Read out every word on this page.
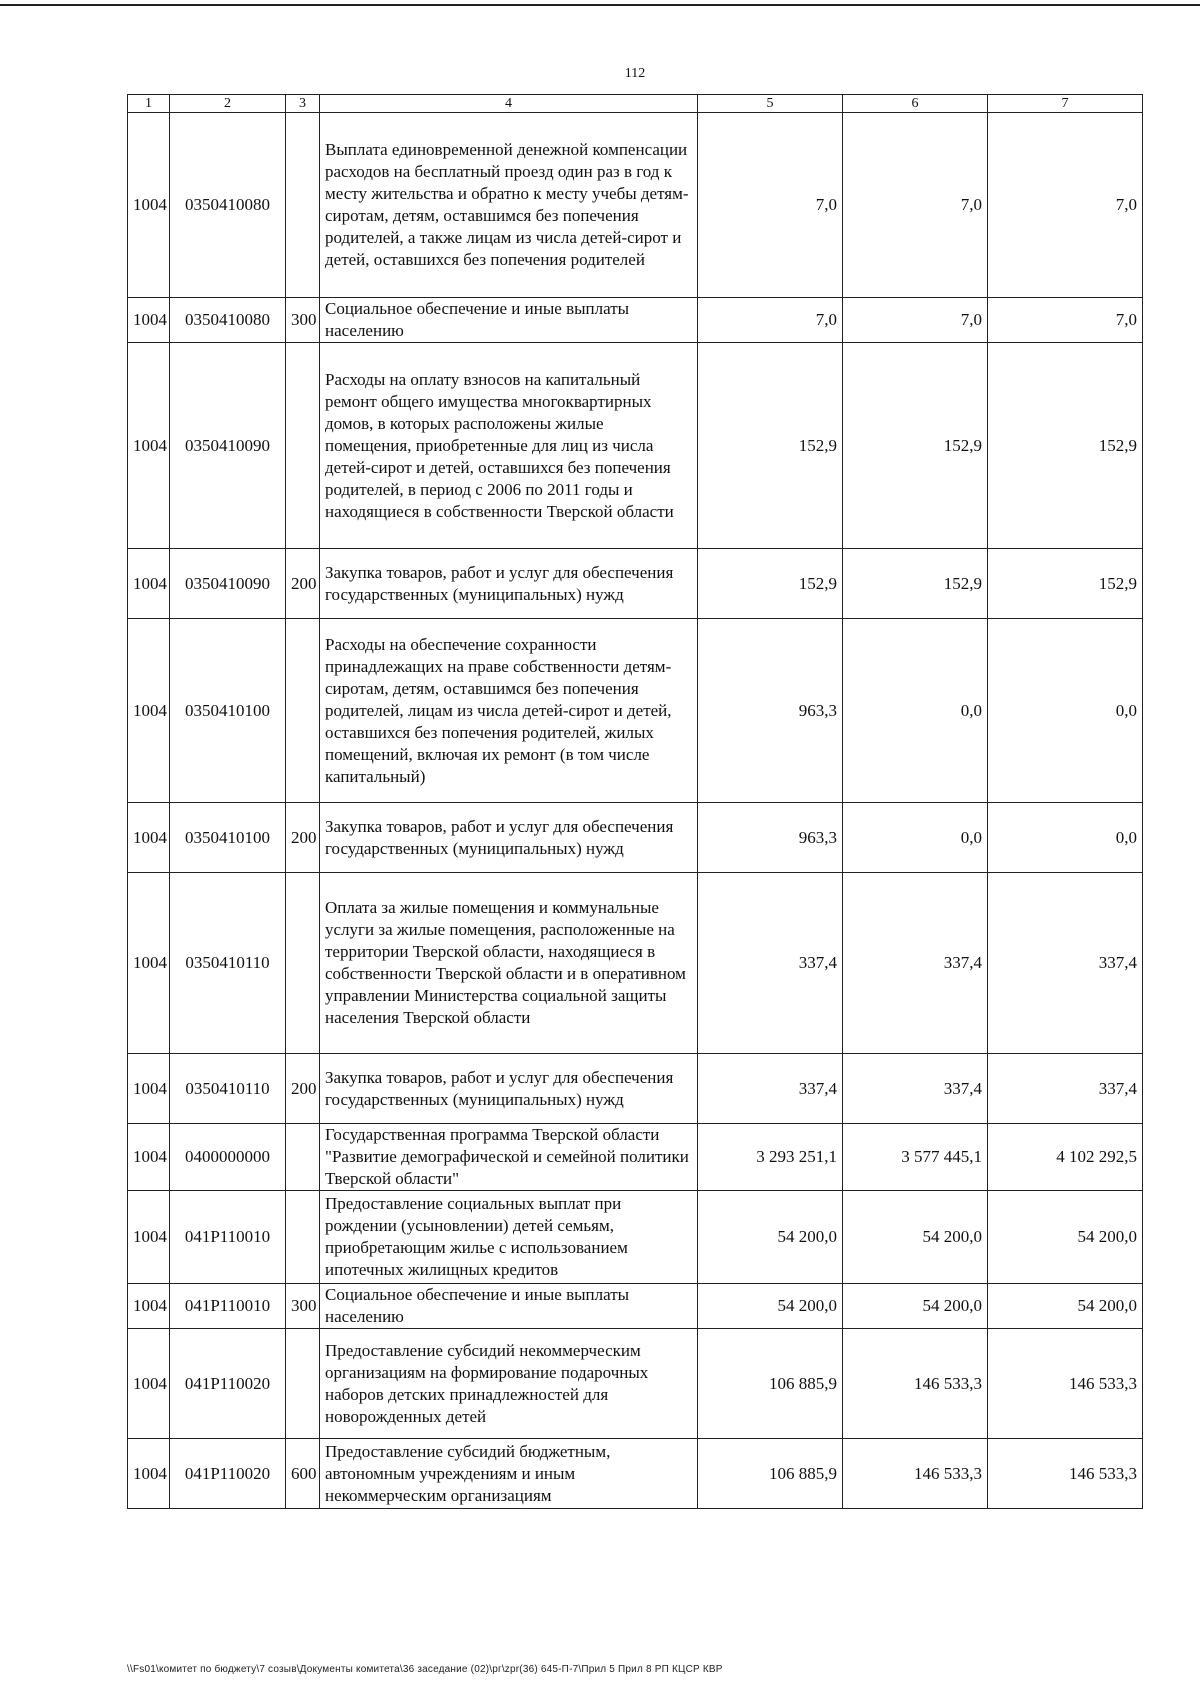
112
1	2	3	4	5	6	7
1004	0350410080		Выплата единовременной денежной компенсации расходов на бесплатный проезд один раз в год к месту жительства и обратно к месту учебы детям-сиротам, детям, оставшимся без попечения родителей, а также лицам из числа детей-сирот и детей, оставшихся без попечения родителей	7,0	7,0	7,0
1004	0350410080	300	Социальное обеспечение и иные выплаты населению	7,0	7,0	7,0
1004	0350410090		Расходы на оплату взносов на капитальный ремонт общего имущества многоквартирных домов, в которых расположены жилые помещения, приобретенные для лиц из числа детей-сирот и детей, оставшихся без попечения родителей, в период с 2006 по 2011 годы и находящиеся в собственности Тверской области	152,9	152,9	152,9
1004	0350410090	200	Закупка товаров, работ и услуг для обеспечения государственных (муниципальных) нужд	152,9	152,9	152,9
1004	0350410100		Расходы на обеспечение сохранности принадлежащих на праве собственности детям-сиротам, детям, оставшимся без попечения родителей, лицам из числа детей-сирот и детей, оставшихся без попечения родителей, жилых помещений, включая их ремонт (в том числе капитальный)	963,3	0,0	0,0
1004	0350410100	200	Закупка товаров, работ и услуг для обеспечения государственных (муниципальных) нужд	963,3	0,0	0,0
1004	0350410110		Оплата за жилые помещения и коммунальные услуги за жилые помещения, расположенные на территории Тверской области, находящиеся в собственности Тверской области и в оперативном управлении Министерства социальной защиты населения Тверской области	337,4	337,4	337,4
1004	0350410110	200	Закупка товаров, работ и услуг для обеспечения государственных (муниципальных) нужд	337,4	337,4	337,4
1004	0400000000		Государственная программа Тверской области "Развитие демографической и семейной политики Тверской области"	3 293 251,1	3 577 445,1	4 102 292,5
1004	041Р110010		Предоставление социальных выплат при рождении (усыновлении) детей семьям, приобретающим жилье с использованием ипотечных жилищных кредитов	54 200,0	54 200,0	54 200,0
1004	041Р110010	300	Социальное обеспечение и иные выплаты населению	54 200,0	54 200,0	54 200,0
1004	041Р110020		Предоставление субсидий некоммерческим организациям на формирование подарочных наборов детских принадлежностей для новорожденных детей	106 885,9	146 533,3	146 533,3
1004	041Р110020	600	Предоставление субсидий бюджетным, автономным учреждениям и иным некоммерческим организациям	106 885,9	146 533,3	146 533,3
\\Fs01\комитет по бюджету\7 созыв\Документы комитета\36 заседание (02)\рг\zpr(36) 645-П-7\Прил 5 Прил 8 РП КЦСР КВР
